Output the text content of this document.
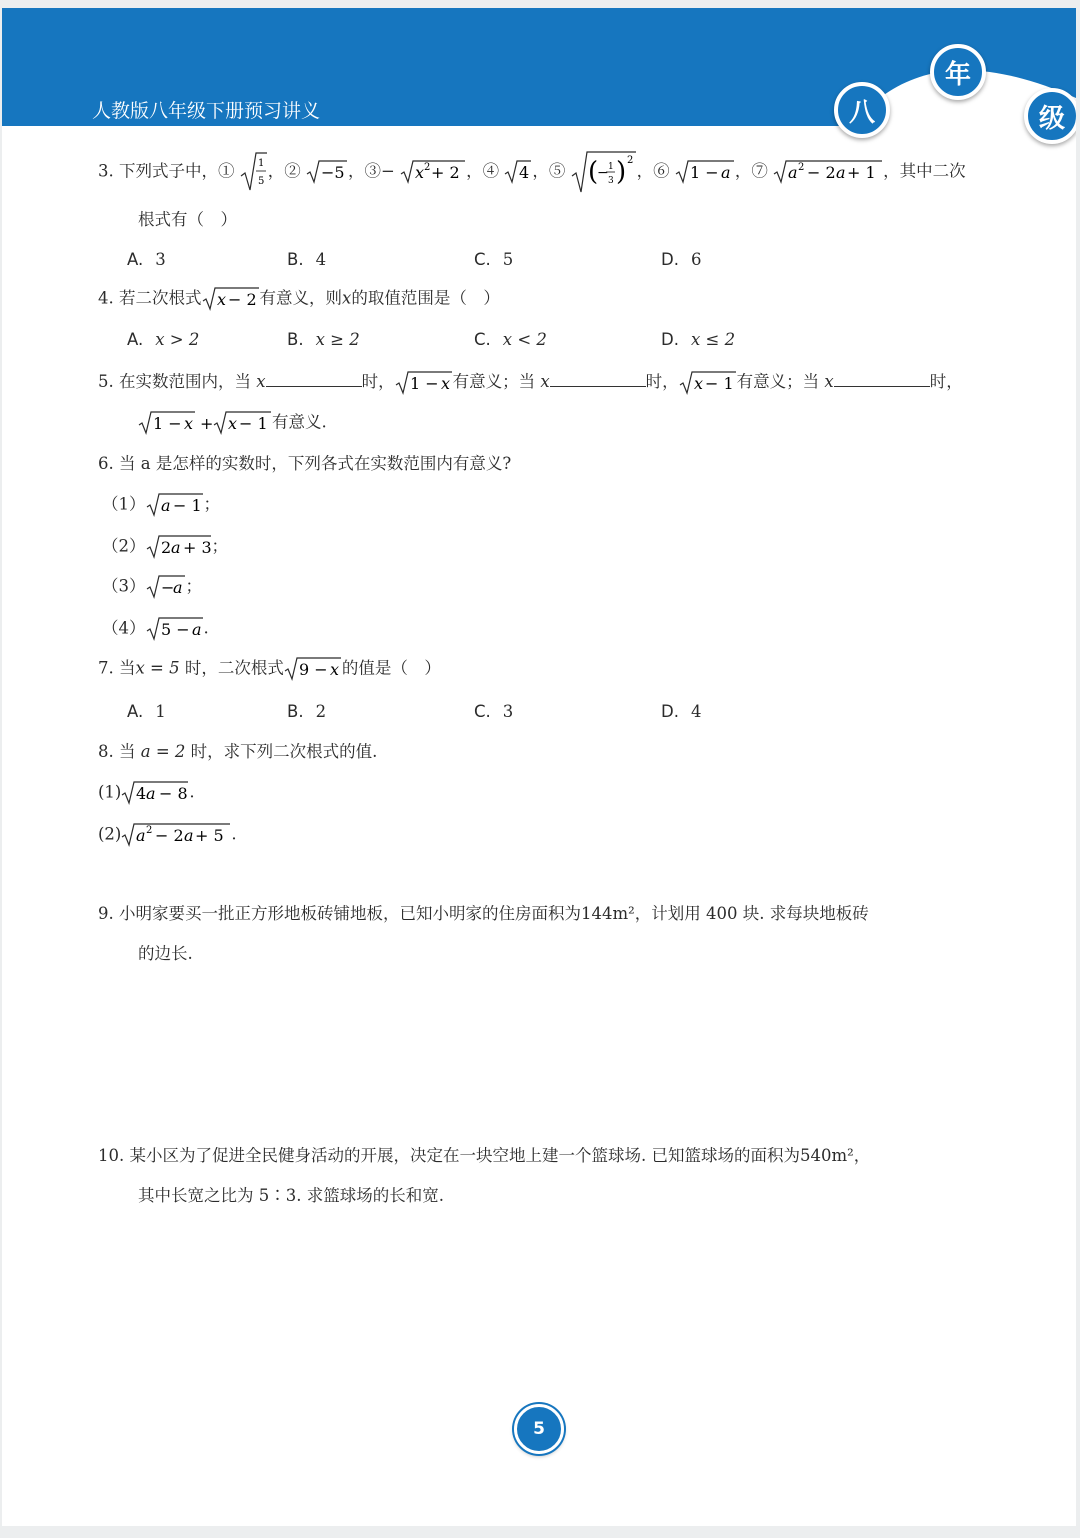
人教版八年级下册预习讲义	八
年
级
3. 下列式子中，① 1
5
，② −5 ，③− x 2 + 2 ，④ 4 ，⑤ (
− 1
3 ) 2
，⑥ 1 − a ，⑦ a 2 − 2 a + 1 ，其中二次
根式有（　）
A. 3	B. 4	C. 5	D. 6
4. 若二次根式 x − 2 有意义，则x的取值范围是（　）
A. x > 2	B. x ≥ 2	C. x < 2	D. x ≤ 2
5. 在实数范围内，当 x	时， 1 − x 有意义；当 x	时， x − 1 有意义；当 x	时，
1 − x + x − 1 有意义.
6. 当 a 是怎样的实数时，下列各式在实数范围内有意义?
（1） a − 1 ；
（2） 2 a + 3 ；
（3） −
a ；
（4） 5 − a .
7. 当x = 5 时，二次根式 9 − x 的值是（　）
A. 1	B. 2	C. 3	D. 4
8. 当 a = 2 时，求下列二次根式的值.
(1) 4 a − 8 .
(2) a 2 − 2 a + 5 .
9. 小明家要买一批正方形地板砖铺地板，已知小明家的住房面积为144m²，计划用 400 块. 求每块地板砖
的边长.
10. 某小区为了促进全民健身活动的开展，决定在一块空地上建一个篮球场. 已知篮球场的面积为540m²，
其中长宽之比为 5∶3. 求篮球场的长和宽.
5
